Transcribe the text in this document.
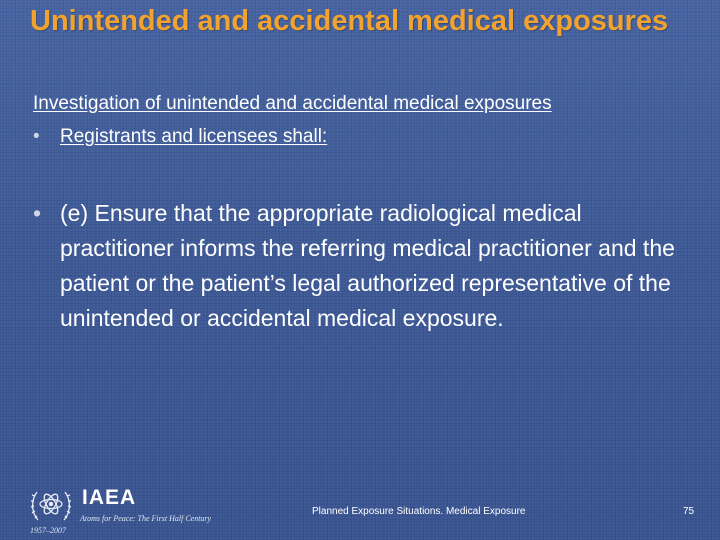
Unintended and accidental medical exposures

Investigation of unintended and accidental medical exposures

•	Registrants and licensees shall:
• (e) Ensure that the appropriate radiological medical practitioner informs the referring medical practitioner and the patient or the patient’s legal authorized representative of the unintended or accidental medical exposure.
IAEA
Atoms for Peace: The First Half Century
1957–2007
Planned Exposure Situations. Medical Exposure	75
